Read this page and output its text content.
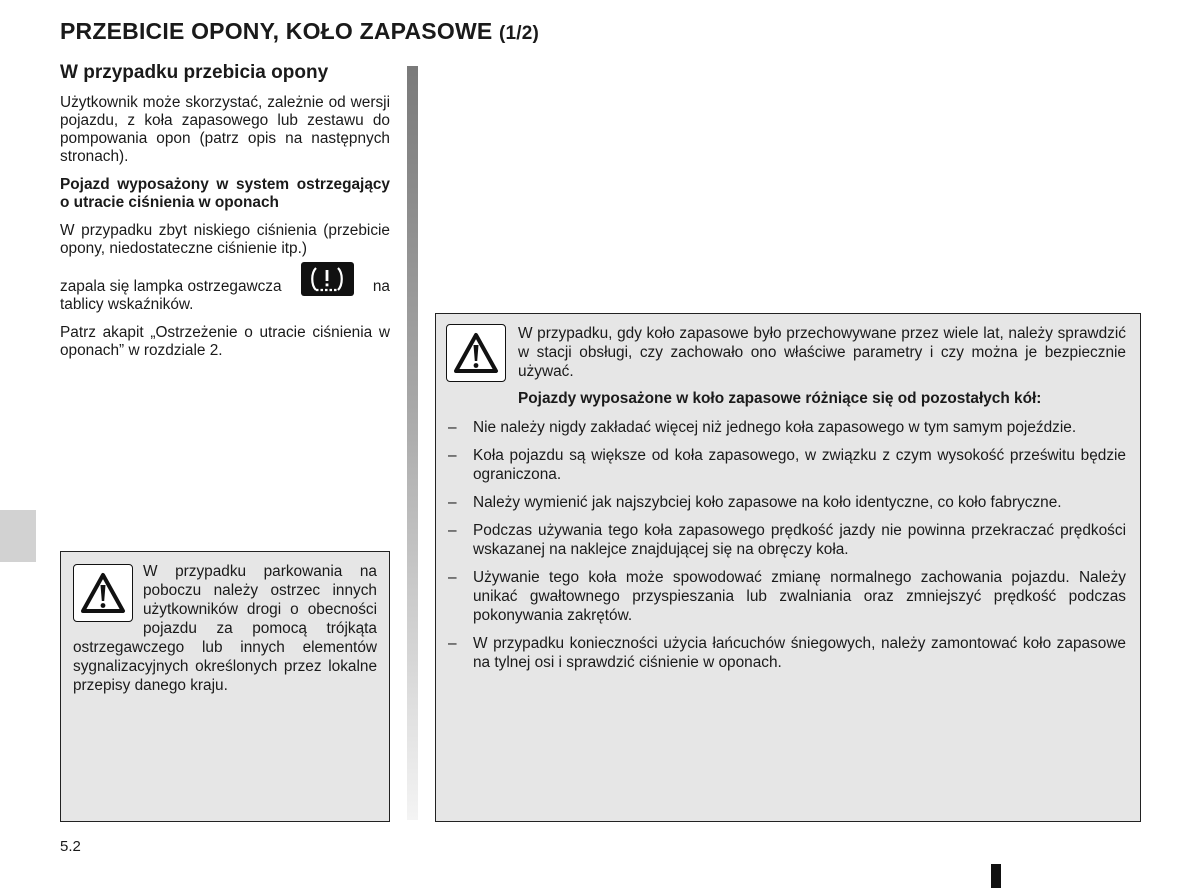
PRZEBICIE OPONY, KOŁO ZAPASOWE (1/2)
W przypadku przebicia opony

Użytkownik może skorzystać, zależnie od wersji pojazdu, z koła zapasowego lub zestawu do pompowania opon (patrz opis na następnych stronach).

Pojazd wyposażony w system ostrzegający o utracie ciśnienia w oponach

W przypadku zbyt niskiego ciśnienia (przebicie opony, niedostateczne ciśnienie itp.)

zapala się lampka ostrzegawcza	na

tablicy wskaźników.

Patrz akapit „Ostrzeżenie o utracie ciśnienia w oponach” w rozdziale 2.

W przypadku parkowania na poboczu należy ostrzec innych użytkowników drogi o obecności pojazdu za pomocą trójkąta ostrzegawczego lub innych elementów sygnalizacyjnych określonych przez lokalne przepisy danego kraju.

W przypadku, gdy koło zapasowe było przechowywane przez wiele lat, należy sprawdzić w stacji obsługi, czy zachowało ono właściwe parametry i czy można je bezpiecznie używać.

Pojazdy wyposażone w koło zapasowe różniące się od pozostałych kół:

– Nie należy nigdy zakładać więcej niż jednego koła zapasowego w tym samym pojeździe.
– Koła pojazdu są większe od koła zapasowego, w związku z czym wysokość prześwitu będzie ograniczona.
– Należy wymienić jak najszybciej koło zapasowe na koło identyczne, co koło fabryczne.
– Podczas używania tego koła zapasowego prędkość jazdy nie powinna przekraczać prędkości wskazanej na naklejce znajdującej się na obręczy koła.
– Używanie tego koła może spowodować zmianę normalnego zachowania pojazdu. Należy unikać gwałtownego przyspieszania lub zwalniania oraz zmniejszyć prędkość podczas pokonywania zakrętów.
– W przypadku konieczności użycia łańcuchów śniegowych, należy zamontować koło zapasowe na tylnej osi i sprawdzić ciśnienie w oponach.
5.2
